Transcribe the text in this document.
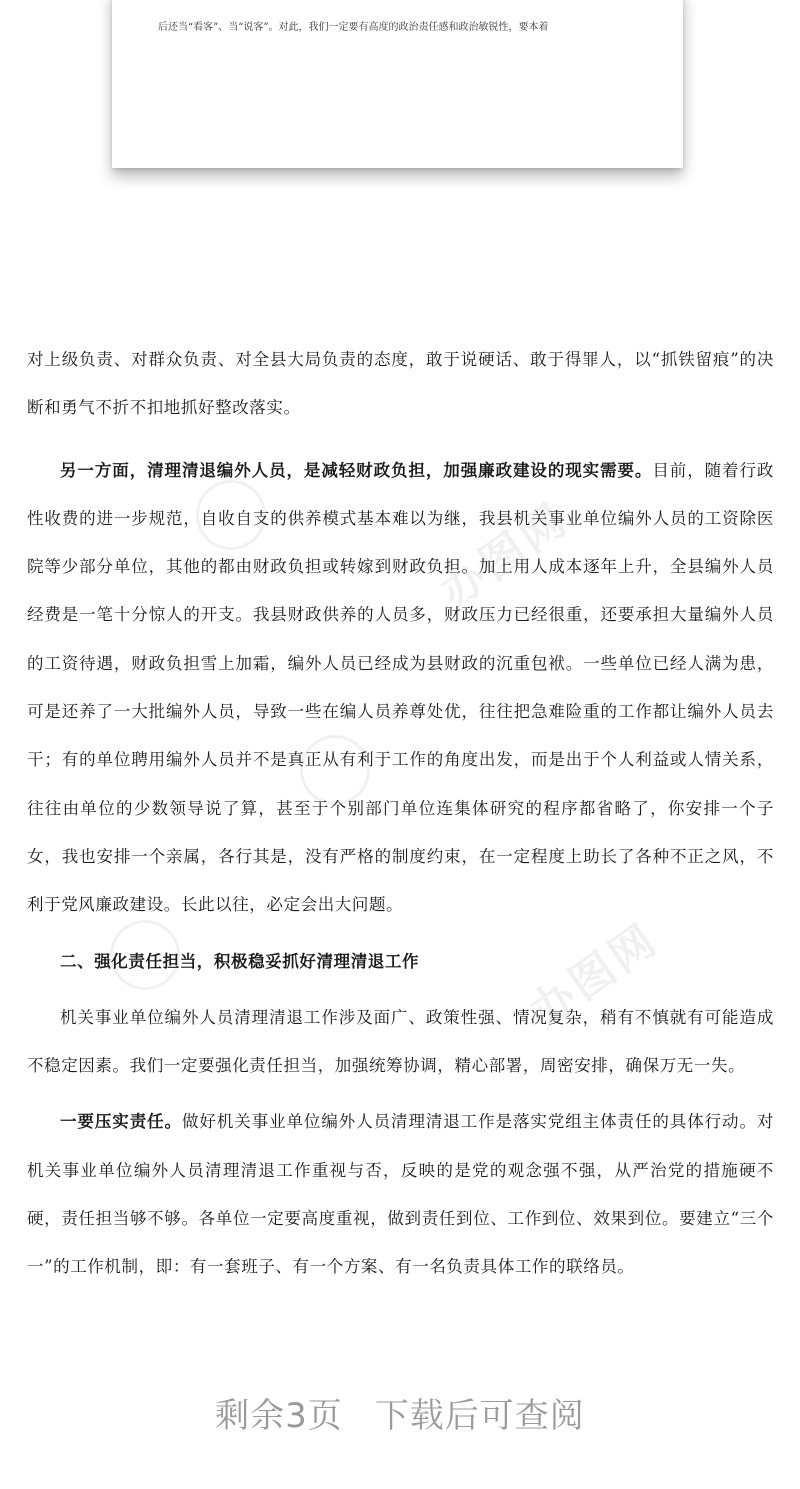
后还当“看客”、当“说客”。对此，我们一定要有高度的政治责任感和政治敏锐性，要本着
办图网
办图网

对上级负责、对群众负责、对全县大局负责的态度，敢于说硬话、敢于得罪人，以“抓铁留痕”的决断和勇气不折不扣地抓好整改落实。

另一方面，清理清退编外人员，是减轻财政负担，加强廉政建设的现实需要。目前，随着行政性收费的进一步规范，自收自支的供养模式基本难以为继，我县机关事业单位编外人员的工资除医院等少部分单位，其他的都由财政负担或转嫁到财政负担。加上用人成本逐年上升，全县编外人员经费是一笔十分惊人的开支。我县财政供养的人员多，财政压力已经很重，还要承担大量编外人员的工资待遇，财政负担雪上加霜，编外人员已经成为县财政的沉重包袱。一些单位已经人满为患，可是还养了一大批编外人员，导致一些在编人员养尊处优，往往把急难险重的工作都让编外人员去干；有的单位聘用编外人员并不是真正从有利于工作的角度出发，而是出于个人利益或人情关系，往往由单位的少数领导说了算，甚至于个别部门单位连集体研究的程序都省略了，你安排一个子女，我也安排一个亲属，各行其是，没有严格的制度约束，在一定程度上助长了各种不正之风，不利于党风廉政建设。长此以往，必定会出大问题。

二、强化责任担当，积极稳妥抓好清理清退工作

机关事业单位编外人员清理清退工作涉及面广、政策性强、情况复杂，稍有不慎就有可能造成不稳定因素。我们一定要强化责任担当，加强统筹协调，精心部署，周密安排，确保万无一失。

一要压实责任。做好机关事业单位编外人员清理清退工作是落实党组主体责任的具体行动。对机关事业单位编外人员清理清退工作重视与否，反映的是党的观念强不强，从严治党的措施硬不硬，责任担当够不够。各单位一定要高度重视，做到责任到位、工作到位、效果到位。要建立“三个一”的工作机制，即：有一套班子、有一个方案、有一名负责具体工作的联络员。

剩余3页 下载后可查阅
